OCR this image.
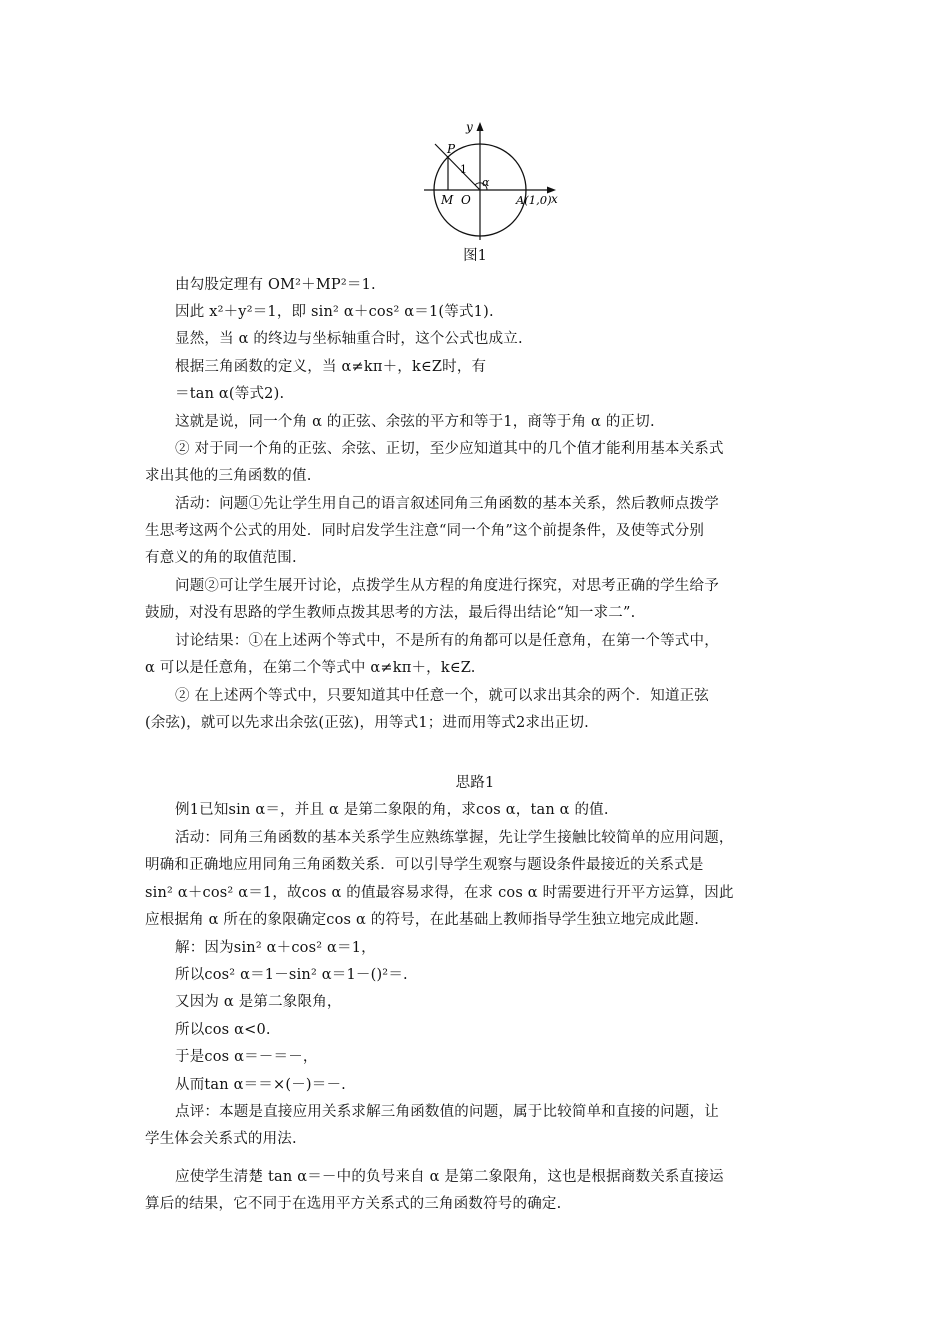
y
x
P
1
α
M O	A(1,0)
图1
由勾股定理有 OM²＋MP²＝1.
因此 x²＋y²＝1，即 sin² α＋cos² α＝1(等式1).
显然，当 α 的终边与坐标轴重合时，这个公式也成立.
根据三角函数的定义，当 α≠kπ＋，k∈Z时，有
＝tan α(等式2).
这就是说，同一个角 α 的正弦、余弦的平方和等于1，商等于角 α 的正切.
② 对于同一个角的正弦、余弦、正切，至少应知道其中的几个值才能利用基本关系式
求出其他的三角函数的值.
活动：问题①先让学生用自己的语言叙述同角三角函数的基本关系，然后教师点拨学
生思考这两个公式的用处．同时启发学生注意“同一个角”这个前提条件，及使等式分别
有意义的角的取值范围.
问题②可让学生展开讨论，点拨学生从方程的角度进行探究，对思考正确的学生给予
鼓励，对没有思路的学生教师点拨其思考的方法，最后得出结论“知一求二”.
讨论结果：①在上述两个等式中，不是所有的角都可以是任意角，在第一个等式中，
α 可以是任意角，在第二个等式中 α≠kπ＋，k∈Z.
② 在上述两个等式中，只要知道其中任意一个，就可以求出其余的两个．知道正弦
(余弦)，就可以先求出余弦(正弦)，用等式1；进而用等式2求出正切.
思路1
例1已知sin α＝，并且 α 是第二象限的角，求cos α，tan α 的值.
活动：同角三角函数的基本关系学生应熟练掌握，先让学生接触比较简单的应用问题，
明确和正确地应用同角三角函数关系．可以引导学生观察与题设条件最接近的关系式是
sin² α＋cos² α＝1，故cos α 的值最容易求得，在求 cos α 时需要进行开平方运算，因此
应根据角 α 所在的象限确定cos α 的符号，在此基础上教师指导学生独立地完成此题.
解：因为sin² α＋cos² α＝1，
所以cos² α＝1－sin² α＝1－()²＝.
又因为 α 是第二象限角，
所以cos α<0.
于是cos α＝－＝－，
从而tan α＝＝×(－)＝－.
点评：本题是直接应用关系求解三角函数值的问题，属于比较简单和直接的问题，让
学生体会关系式的用法.
应使学生清楚 tan α＝－中的负号来自 α 是第二象限角，这也是根据商数关系直接运
算后的结果，它不同于在选用平方关系式的三角函数符号的确定.
